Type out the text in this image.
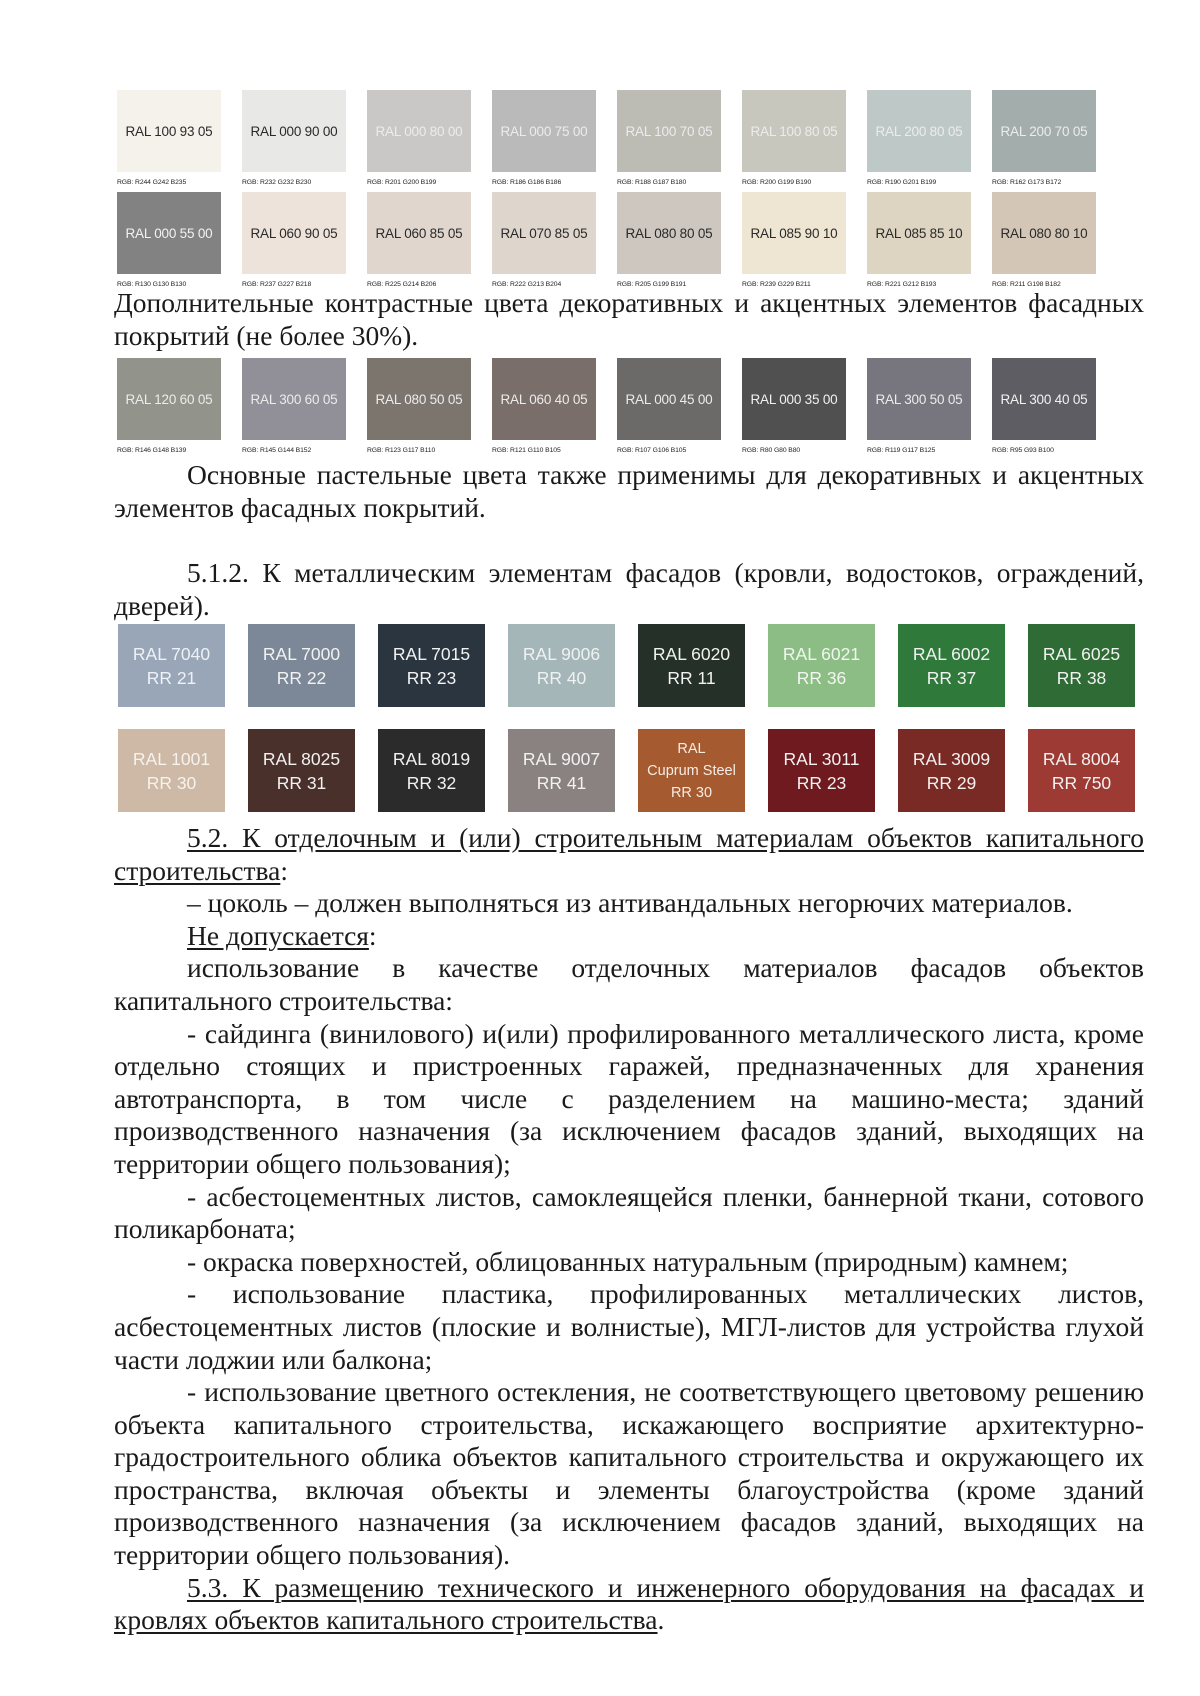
RAL 100 93 05
RGB: R244 G242 B235
RAL 000 90 00
RGB: R232 G232 B230
RAL 000 80 00
RGB: R201 G200 B199
RAL 000 75 00
RGB: R186 G186 B186
RAL 100 70 05
RGB: R188 G187 B180
RAL 100 80 05
RGB: R200 G199 B190
RAL 200 80 05
RGB: R190 G201 B199
RAL 200 70 05
RGB: R162 G173 B172
RAL 000 55 00
RGB: R130 G130 B130
RAL 060 90 05
RGB: R237 G227 B218
RAL 060 85 05
RGB: R225 G214 B206
RAL 070 85 05
RGB: R222 G213 B204
RAL 080 80 05
RGB: R205 G199 B191
RAL 085 90 10
RGB: R239 G229 B211
RAL 085 85 10
RGB: R221 G212 B193
RAL 080 80 10
RGB: R211 G198 B182
Дополнительные контрастные цвета декоративных и акцентных элементов фасадных покрытий (не более 30%).
RAL 120 60 05
RGB: R146 G148 B139
RAL 300 60 05
RGB: R145 G144 B152
RAL 080 50 05
RGB: R123 G117 B110
RAL 060 40 05
RGB: R121 G110 B105
RAL 000 45 00
RGB: R107 G106 B105
RAL 000 35 00
RGB: R80 G80 B80
RAL 300 50 05
RGB: R119 G117 B125
RAL 300 40 05
RGB: R95 G93 B100
Основные пастельные цвета также применимы для декоративных и акцентных элементов фасадных покрытий.
5.1.2. К металлическим элементам фасадов (кровли, водостоков, ограждений, дверей).
RAL 7040
RR 21
RAL 7000
RR 22
RAL 7015
RR 23
RAL 9006
RR 40
RAL 6020
RR 11
RAL 6021
RR 36
RAL 6002
RR 37
RAL 6025
RR 38
RAL 1001
RR 30
RAL 8025
RR 31
RAL 8019
RR 32
RAL 9007
RR 41
RAL
Cuprum Steel
RR 30
RAL 3011
RR 23
RAL 3009
RR 29
RAL 8004
RR 750
5.2. К отделочным и (или) строительным материалам объектов капитального строительства:
– цоколь – должен выполняться из антивандальных негорючих материалов.
Не допускается:
использование в качестве отделочных материалов фасадов объектов капитального строительства:
- сайдинга (винилового) и(или) профилированного металлического листа, кроме отдельно стоящих и пристроенных гаражей, предназначенных для хранения автотранспорта, в том числе с разделением на машино-места; зданий производственного назначения (за исключением фасадов зданий, выходящих на территории общего пользования);
- асбестоцементных листов, самоклеящейся пленки, баннерной ткани, сотового поликарбоната;
- окраска поверхностей, облицованных натуральным (природным) камнем;
- использование пластика, профилированных металлических листов, асбестоцементных листов (плоские и волнистые), МГЛ-листов для устройства глухой части лоджии или балкона;
- использование цветного остекления, не соответствующего цветовому решению объекта капитального строительства, искажающего восприятие архитектурно-градостроительного облика объектов капитального строительства и окружающего их пространства, включая объекты и элементы благоустройства (кроме зданий производственного назначения (за исключением фасадов зданий, выходящих на территории общего пользования).
5.3. К размещению технического и инженерного оборудования на фасадах и кровлях объектов капитального строительства.
